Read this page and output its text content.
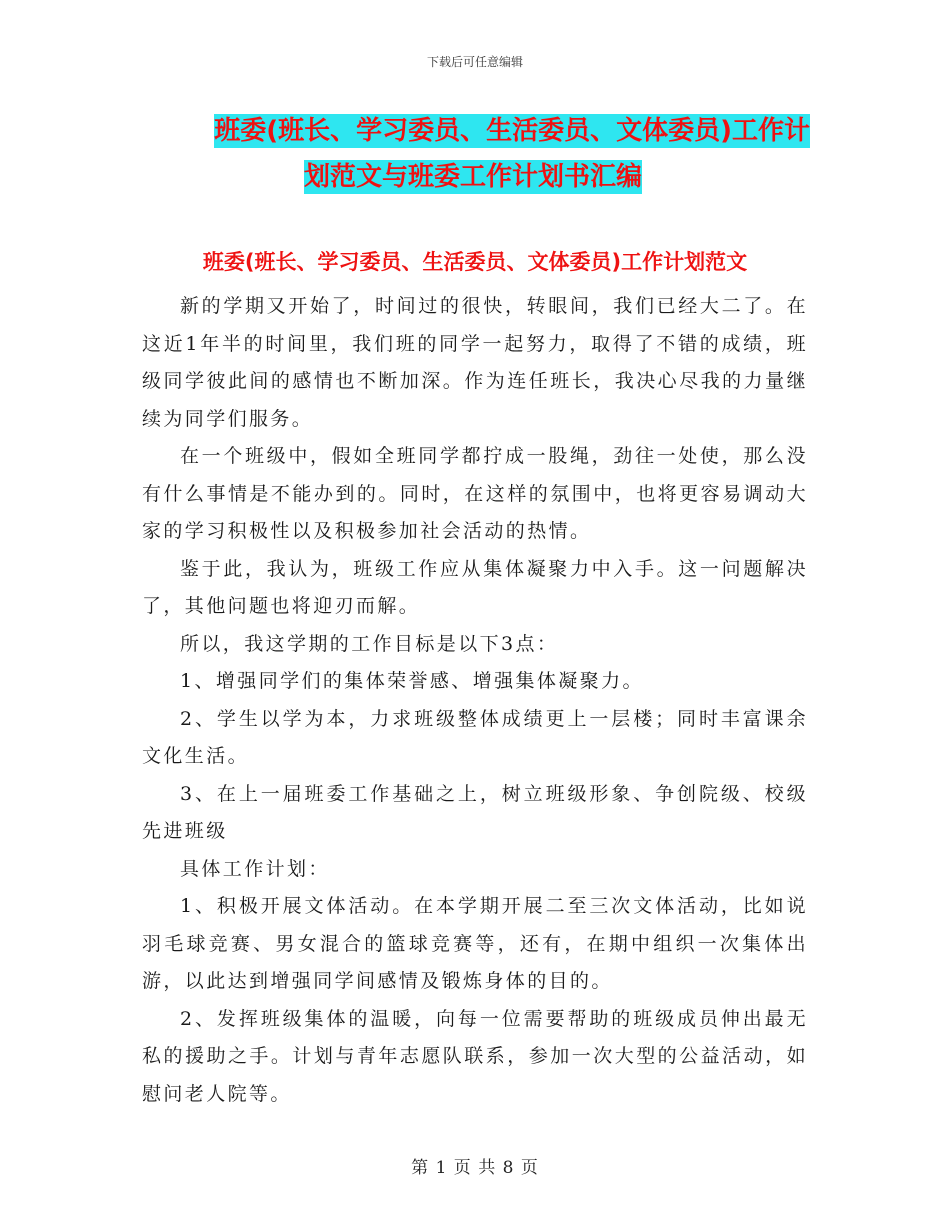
下载后可任意编辑
班委(班长、学习委员、生活委员、文体委员)工作计
划范文与班委工作计划书汇编
班委(班长、学习委员、生活委员、文体委员)工作计划范文

新的学期又开始了，时间过的很快，转眼间，我们已经大二了。在这近1年半的时间里，我们班的同学一起努力，取得了不错的成绩，班级同学彼此间的感情也不断加深。作为连任班长，我决心尽我的力量继续为同学们服务。

在一个班级中，假如全班同学都拧成一股绳，劲往一处使，那么没有什么事情是不能办到的。同时，在这样的氛围中，也将更容易调动大家的学习积极性以及积极参加社会活动的热情。

鉴于此，我认为，班级工作应从集体凝聚力中入手。这一问题解决了，其他问题也将迎刃而解。

所以，我这学期的工作目标是以下3点：

1、增强同学们的集体荣誉感、增强集体凝聚力。

2、学生以学为本，力求班级整体成绩更上一层楼；同时丰富课余文化生活。

3、在上一届班委工作基础之上，树立班级形象、争创院级、校级先进班级

具体工作计划：

1、积极开展文体活动。在本学期开展二至三次文体活动，比如说羽毛球竞赛、男女混合的篮球竞赛等，还有，在期中组织一次集体出游，以此达到增强同学间感情及锻炼身体的目的。

2、发挥班级集体的温暖，向每一位需要帮助的班级成员伸出最无私的援助之手。计划与青年志愿队联系，参加一次大型的公益活动，如慰问老人院等。

第 1 页 共 8 页
